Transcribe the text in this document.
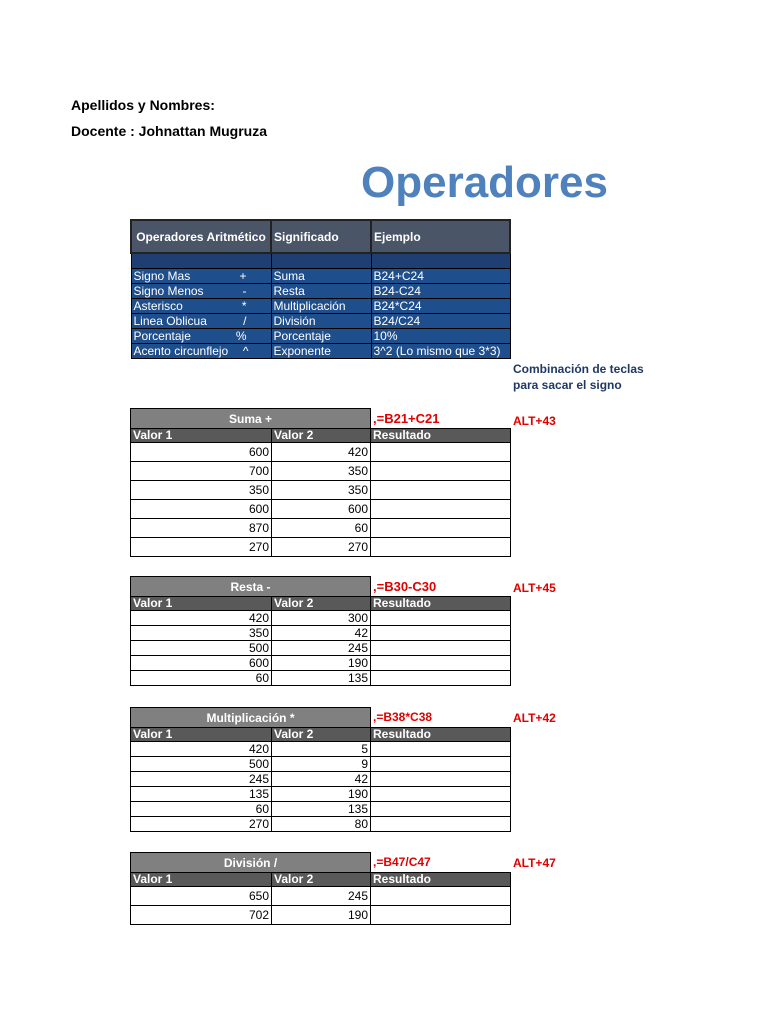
Apellidos y Nombres:
Docente : Johnattan Mugruza
Operadores
Operadores Aritmético	Significado	Ejemplo

Signo Mas +	Suma	B24+C24
Signo Menos -	Resta	B24-C24
Asterisco *	Multiplicación	B24*C24
Linea Oblicua /	División	B24/C24
Porcentaje %	Porcentaje	10%
Acento circunflejo ^	Exponente	3^2 (Lo mismo que 3*3)
Combinación de teclas
para sacar el signo
Suma +		,=B21+C21
Valor 1	Valor 2	Resultado
600	420	
700	350	
350	350	
600	600	
870	60	
270	270	
ALT+43
Resta -		,=B30-C30
Valor 1	Valor 2	Resultado
420	300	
350	42	
500	245	
600	190	
60	135	
ALT+45
Multiplicación *		,=B38*C38
Valor 1	Valor 2	Resultado
420	5	
500	9	
245	42	
135	190	
60	135	
270	80	
ALT+42
División /		,=B47/C47
Valor 1	Valor 2	Resultado
650	245	
702	190	
ALT+47
